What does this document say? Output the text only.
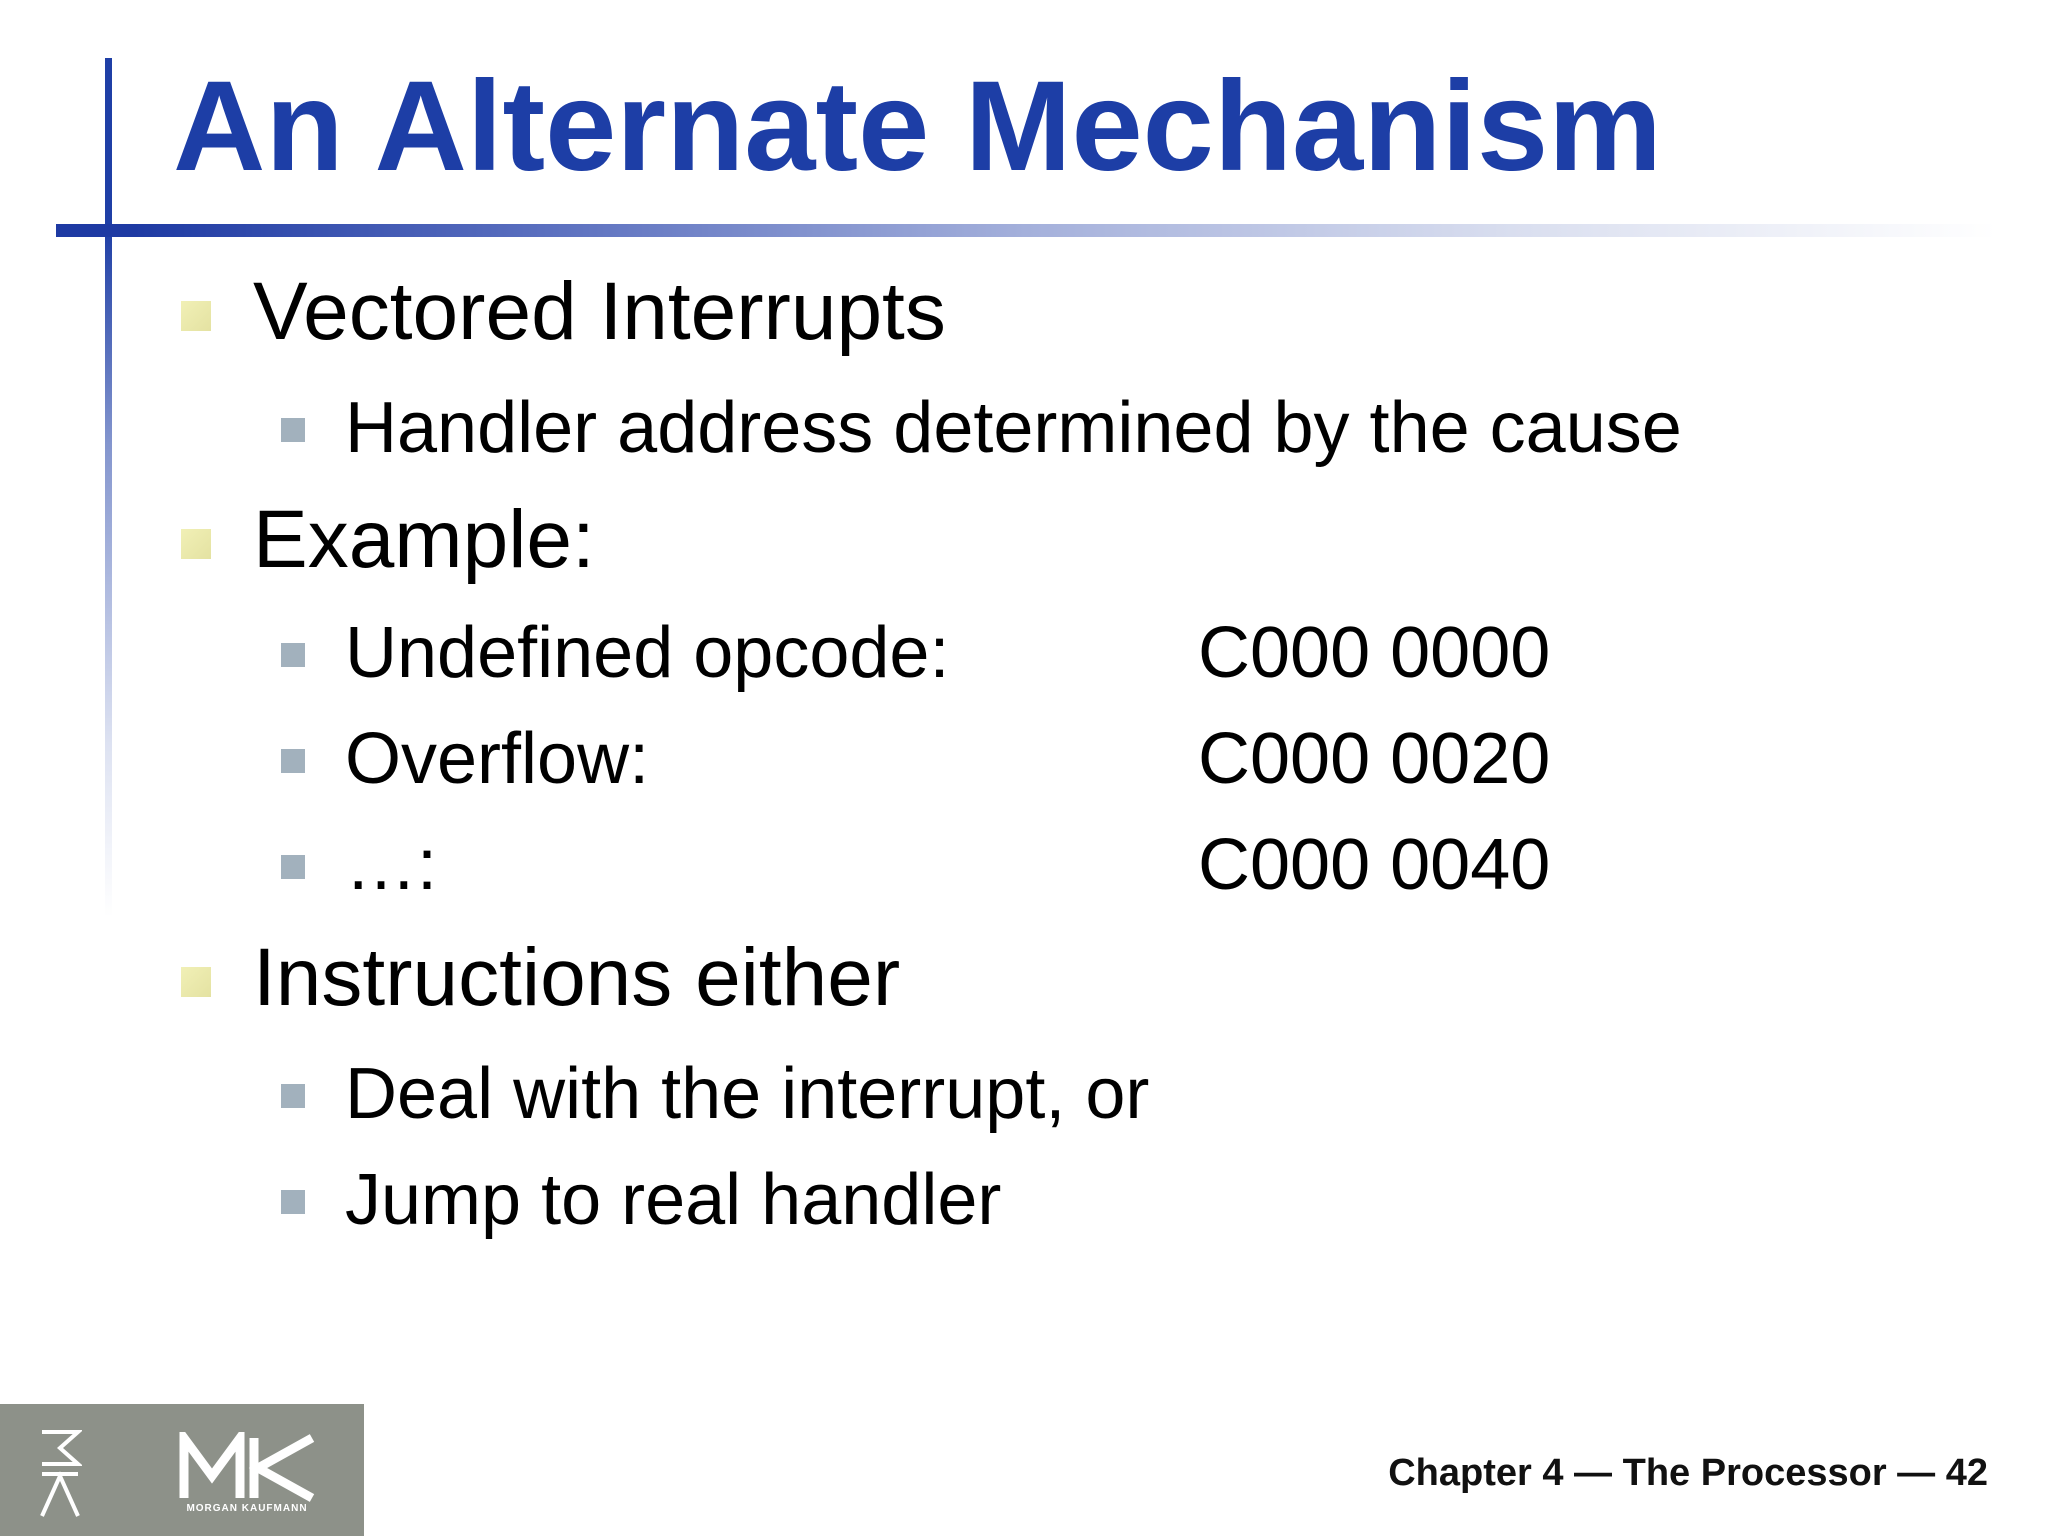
An Alternate Mechanism
Vectored Interrupts
Handler address determined by the cause
Example:
Undefined opcode:	C000 0000
Overflow:	C000 0020
…:	C000 0040
Instructions either
Deal with the interrupt, or
Jump to real handler
MORGAN KAUFMANN
Chapter 4 — The Processor — 42
